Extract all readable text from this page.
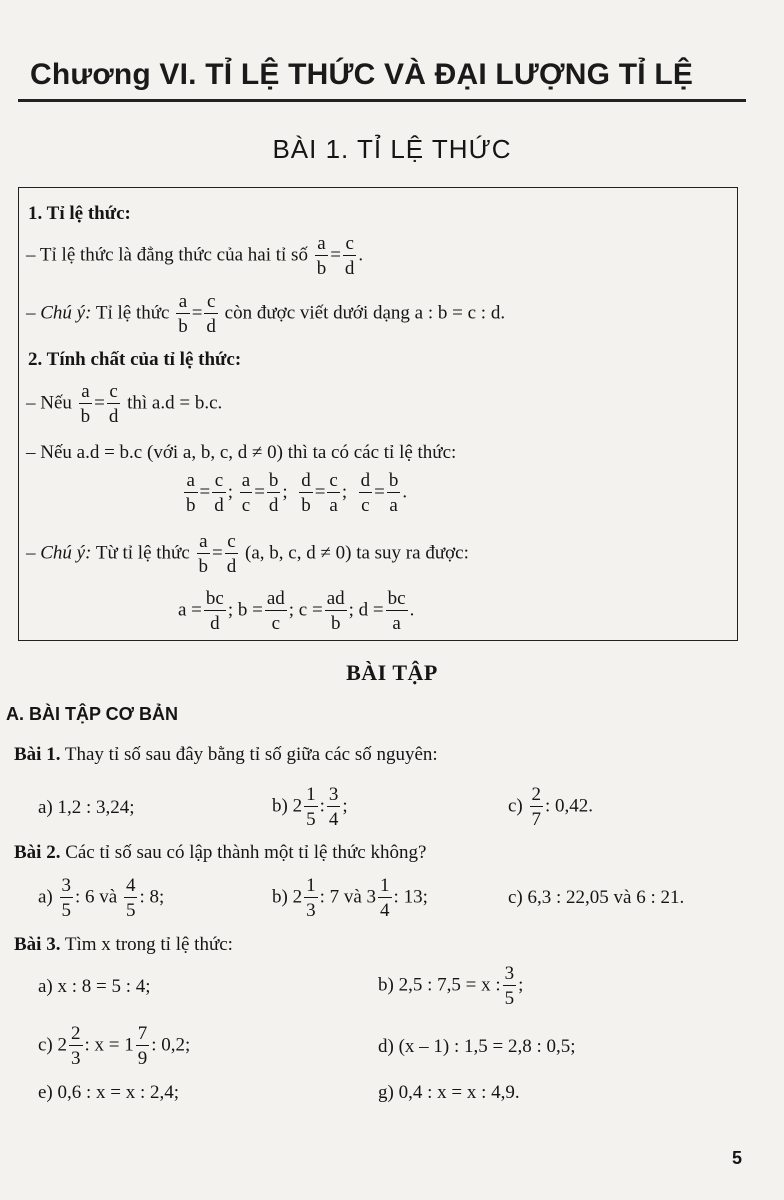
Chương VI. TỈ LỆ THỨC VÀ ĐẠI LƯỢNG TỈ LỆ
BÀI 1. TỈ LỆ THỨC
1. Tỉ lệ thức:
– Tỉ lệ thức là đẳng thức của hai tỉ số $\frac{a}{b} = \frac{c}{d}$ .
– Chú ý: Tỉ lệ thức $\frac{a}{b} = \frac{c}{d}$ còn được viết dưới dạng a : b = c : d.
2. Tính chất của tỉ lệ thức:
– Nếu $\frac{a}{b} = \frac{c}{d}$ thì a.d = b.c.
– Nếu a.d = b.c (với a, b, c, d ≠ 0) thì ta có các tỉ lệ thức:
$\frac{a}{b} = \frac{c}{d}$ ; $\frac{a}{c} = \frac{b}{d}$ ; $\frac{d}{b} = \frac{c}{a}$ ; $\frac{d}{c} = \frac{b}{a}$ .
– Chú ý: Từ tỉ lệ thức $\frac{a}{b} = \frac{c}{d} (a$, b, c, d ≠ 0) ta suy ra được:
$a = \frac{bc}{d}$ ; $b = \frac{ad}{c}$ ; $c = \frac{ad}{b}$ ; $d = \frac{bc}{a}$ .
BÀI TẬP
A. BÀI TẬP CƠ BẢN
Bài 1. Thay tỉ số sau đây bằng tỉ số giữa các số nguyên:
a) 1,2 : 3,24;	b) $2 \frac{1}{5}$ : $\frac{3}{4}$ ;	$c) \frac{2}{7}$ : 0,42.
Bài 2. Các tỉ số sau có lập thành một tỉ lệ thức không?
$a) \frac{3}{5}$ : 6 và $\frac{4}{5}$ : 8;	b) $2 \frac{1}{3}$ : 7 và $3 \frac{1}{4}$ : 13;	c) 6,3 : 22,05 và 6 : 21.
Bài 3. Tìm x trong tỉ lệ thức:
a) x : 8 = 5 : 4;	b) 2,5 : 7,5 = x : $\frac{3}{5}$ ;
c) $2 \frac{2}{3}$ : $x = 1 \frac{7}{9}$ : 0,2;	d) (x – 1) : 1,5 = 2,8 : 0,5;
e) 0,6 : x = x : 2,4;	g) 0,4 : x = x : 4,9.
5
